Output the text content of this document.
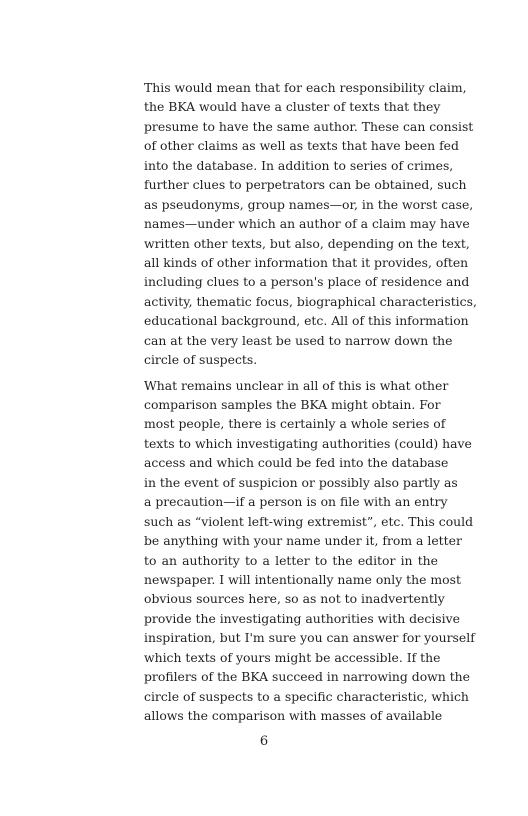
This would mean that for each responsibility claim,
the BKA would have a cluster of texts that they
presume to have the same author. These can consist
of other claims as well as texts that have been fed
into the database. In addition to series of crimes,
further clues to perpetrators can be obtained, such
as pseudonyms, group names—or, in the worst case,
names—under which an author of a claim may have
written other texts, but also, depending on the text,
all kinds of other information that it provides, often
including clues to a person's place of residence and
activity, thematic focus, biographical characteristics,
educational background, etc. All of this information
can at the very least be used to narrow down the
circle of suspects.

What remains unclear in all of this is what other
comparison samples the BKA might obtain. For
most people, there is certainly a whole series of
texts to which investigating authorities (could) have
access and which could be fed into the database
in the event of suspicion or possibly also partly as
a precaution—if a person is on file with an entry
such as “violent left-wing extremist”, etc. This could
be anything with your name under it, from a letter
to an authority to a letter to the editor in the
newspaper. I will intentionally name only the most
obvious sources here, so as not to inadvertently
provide the investigating authorities with decisive
inspiration, but I'm sure you can answer for yourself
which texts of yours might be accessible. If the
profilers of the BKA succeed in narrowing down the
circle of suspects to a specific characteristic, which
allows the comparison with masses of available

6
